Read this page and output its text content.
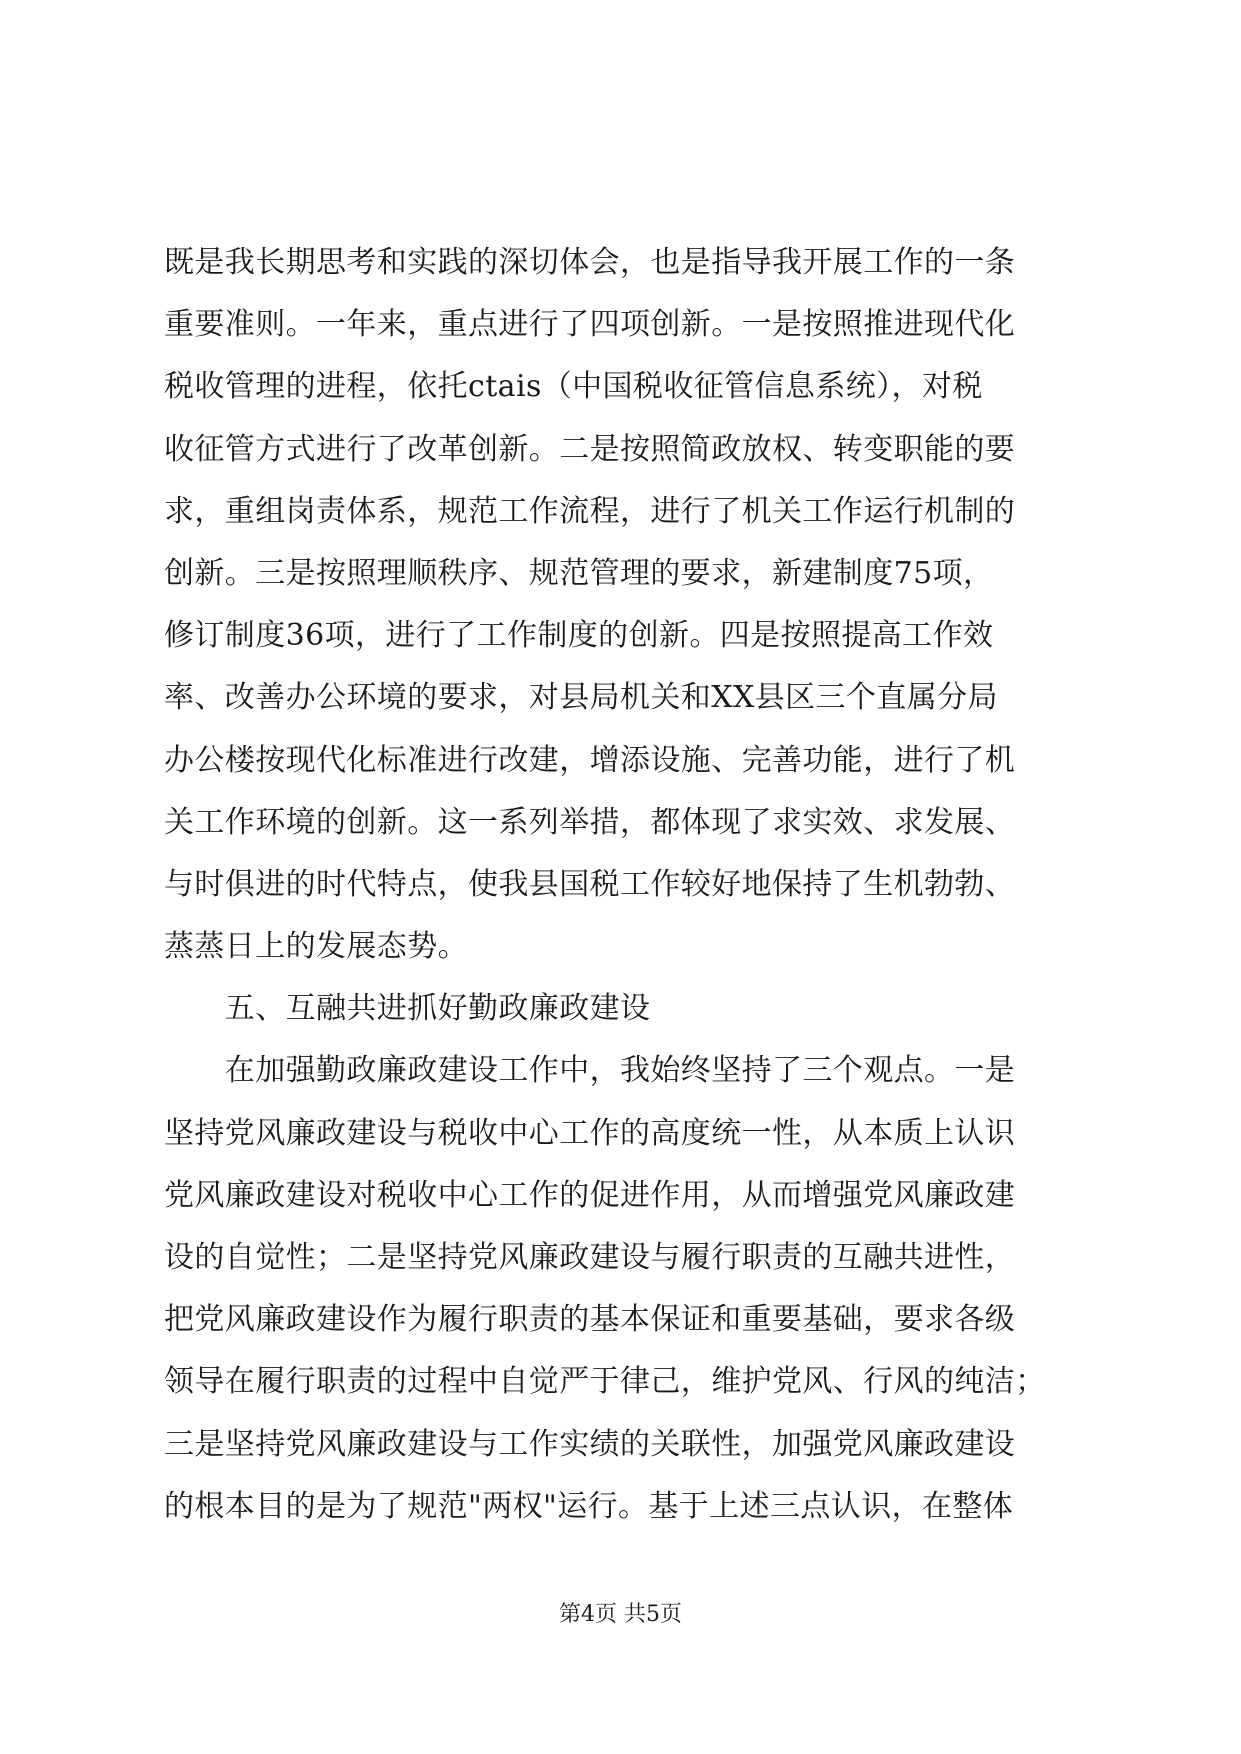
既是我长期思考和实践的深切体会，也是指导我开展工作的一条
重要准则。一年来，重点进行了四项创新。一是按照推进现代化
税收管理的进程，依托ctais（中国税收征管信息系统），对税
收征管方式进行了改革创新。二是按照简政放权、转变职能的要
求，重组岗责体系，规范工作流程，进行了机关工作运行机制的
创新。三是按照理顺秩序、规范管理的要求，新建制度75项，
修订制度36项，进行了工作制度的创新。四是按照提高工作效
率、改善办公环境的要求，对县局机关和XX县区三个直属分局
办公楼按现代化标准进行改建，增添设施、完善功能，进行了机
关工作环境的创新。这一系列举措，都体现了求实效、求发展、
与时俱进的时代特点，使我县国税工作较好地保持了生机勃勃、
蒸蒸日上的发展态势。
　　五、互融共进抓好勤政廉政建设
　　在加强勤政廉政建设工作中，我始终坚持了三个观点。一是
坚持党风廉政建设与税收中心工作的高度统一性，从本质上认识
党风廉政建设对税收中心工作的促进作用，从而增强党风廉政建
设的自觉性；二是坚持党风廉政建设与履行职责的互融共进性，
把党风廉政建设作为履行职责的基本保证和重要基础，要求各级
领导在履行职责的过程中自觉严于律己，维护党风、行风的纯洁；
三是坚持党风廉政建设与工作实绩的关联性，加强党风廉政建设
的根本目的是为了规范"两权"运行。基于上述三点认识，在整体
第4页 共5页
